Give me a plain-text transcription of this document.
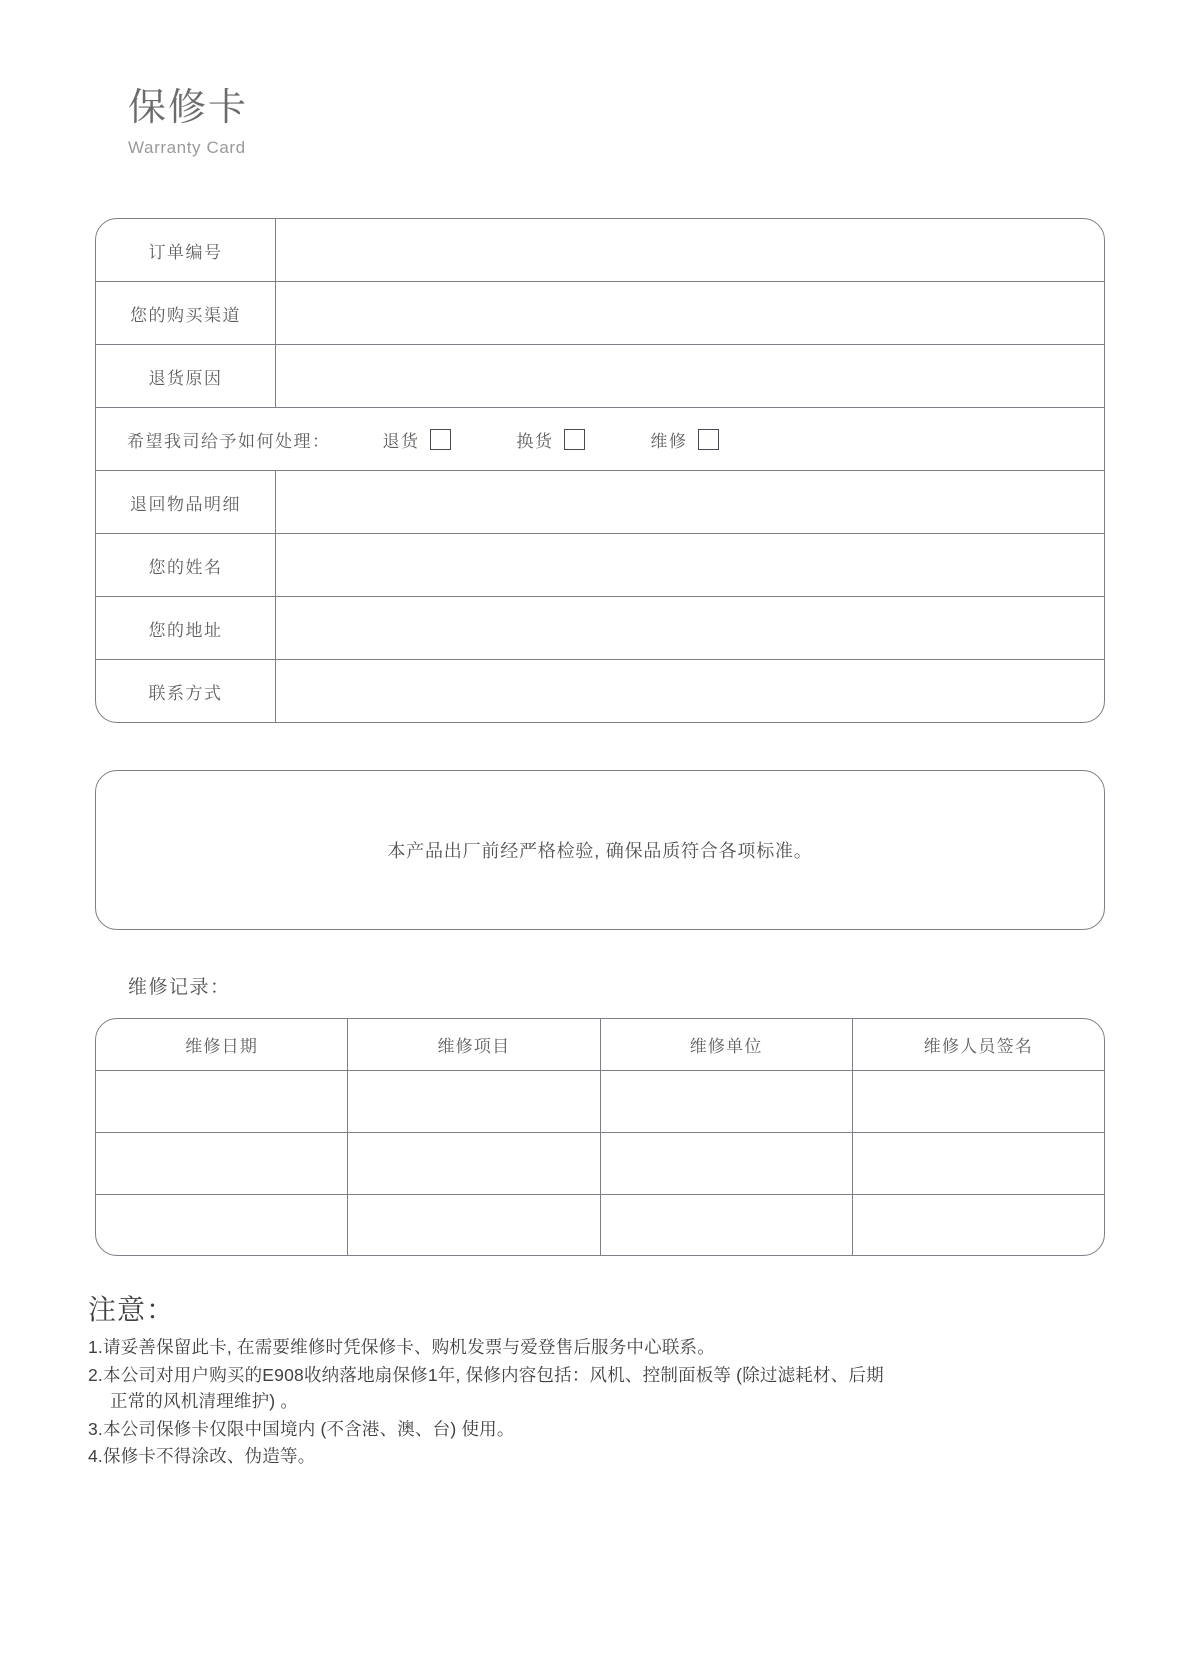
保修卡
Warranty Card
订单编号
您的购买渠道
退货原因
希望我司给予如何处理：	退货	换货	维修
退回物品明细
您的姓名
您的地址
联系方式
本产品出厂前经严格检验, 确保品质符合各项标准。
维修记录：
维修日期	维修项目	维修单位	维修人员签名
注意：
1.请妥善保留此卡, 在需要维修时凭保修卡、购机发票与爱登售后服务中心联系。
2.本公司对用户购买的E908收纳落地扇保修1年, 保修内容包括：风机、控制面板等 (除过滤耗材、后期
正常的风机清理维护) 。
3.本公司保修卡仅限中国境内 (不含港、澳、台) 使用。
4.保修卡不得涂改、伪造等。
